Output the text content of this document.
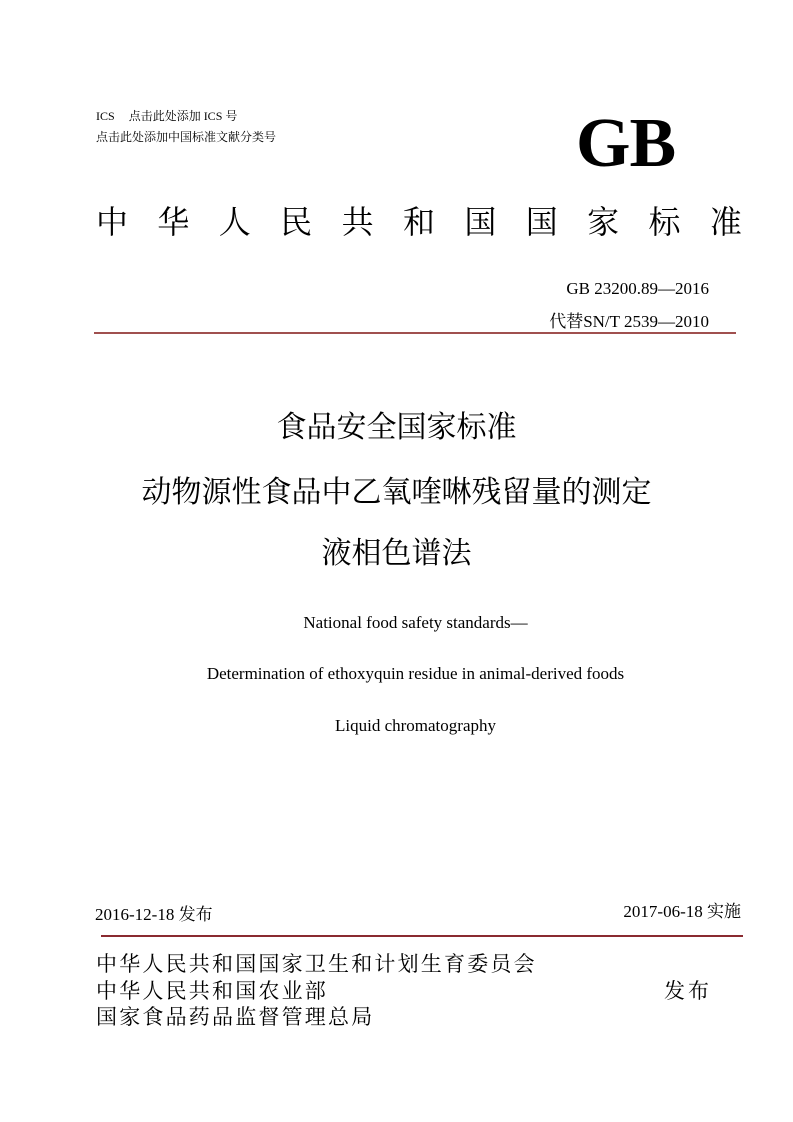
ICS 点击此处添加 ICS 号
点击此处添加中国标准文献分类号	GB
中 华 人 民 共 和 国 国 家 标 准
GB 23200.89—2016
代替SN/T 2539—2010
食品安全国家标准
动物源性食品中乙氧喹啉残留量的测定
液相色谱法
National food safety standards—
Determination of ethoxyquin residue in animal-derived foods
Liquid chromatography
2016-12-18 发布	2017-06-18 实施
中华人民共和国国家卫生和计划生育委员会
中华人民共和国农业部
国家食品药品监督管理总局
发布
